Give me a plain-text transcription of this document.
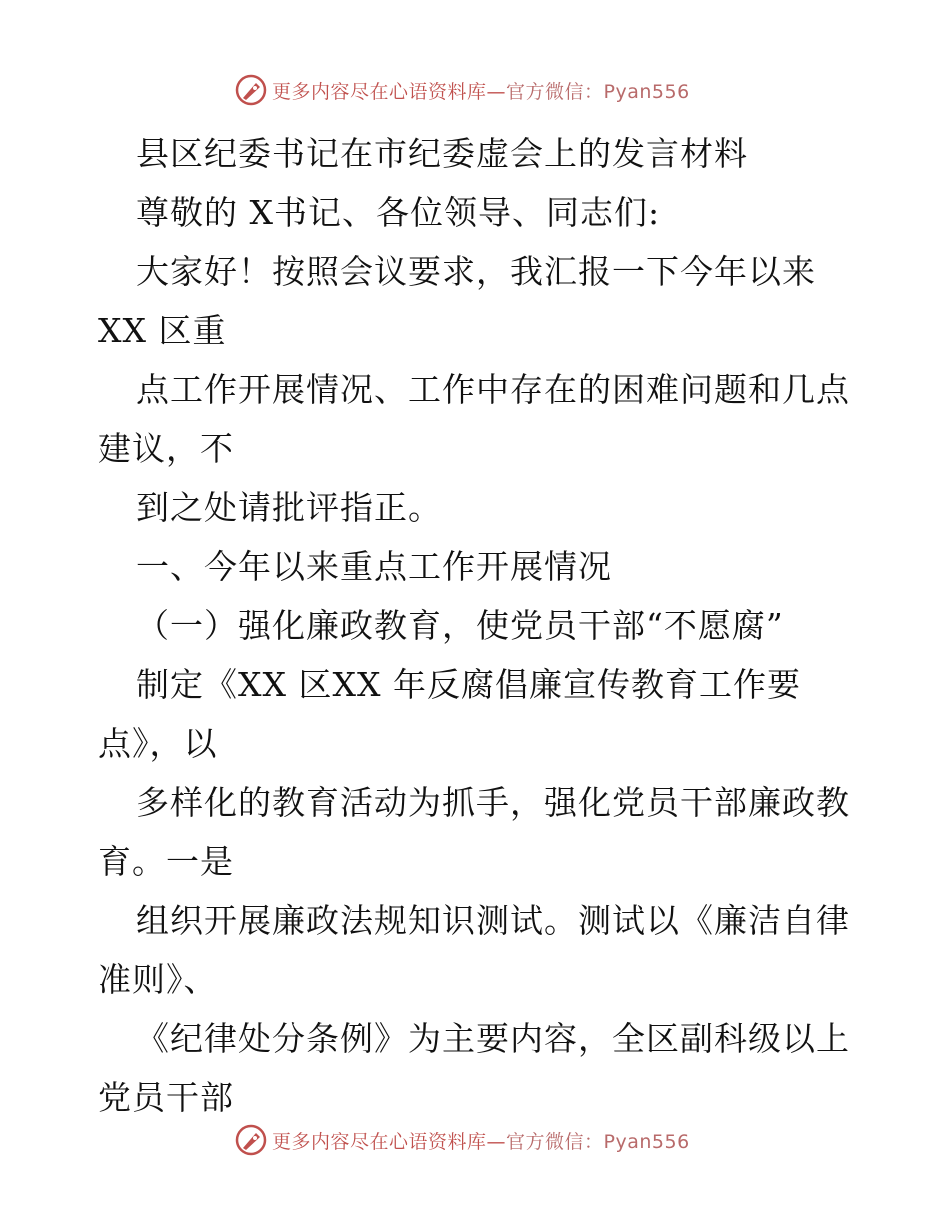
更多内容尽在心语资料库—官方微信：Pyan556
县区纪委书记在市纪委虚会上的发言材料
尊敬的 X书记、各位领导、同志们:
大家好！按照会议要求，我汇报一下今年以来
XX 区重
点工作开展情况、工作中存在的困难问题和几点
建议，不
到之处请批评指正。
一、今年以来重点工作开展情况
（一）强化廉政教育，使党员干部“不愿腐”
制定《XX 区XX 年反腐倡廉宣传教育工作要
点》，以
多样化的教育活动为抓手，强化党员干部廉政教
育。一是
组织开展廉政法规知识测试。测试以《廉洁自律
准则》、
《纪律处分条例》为主要内容，全区副科级以上
党员干部
更多内容尽在心语资料库—官方微信：Pyan556
